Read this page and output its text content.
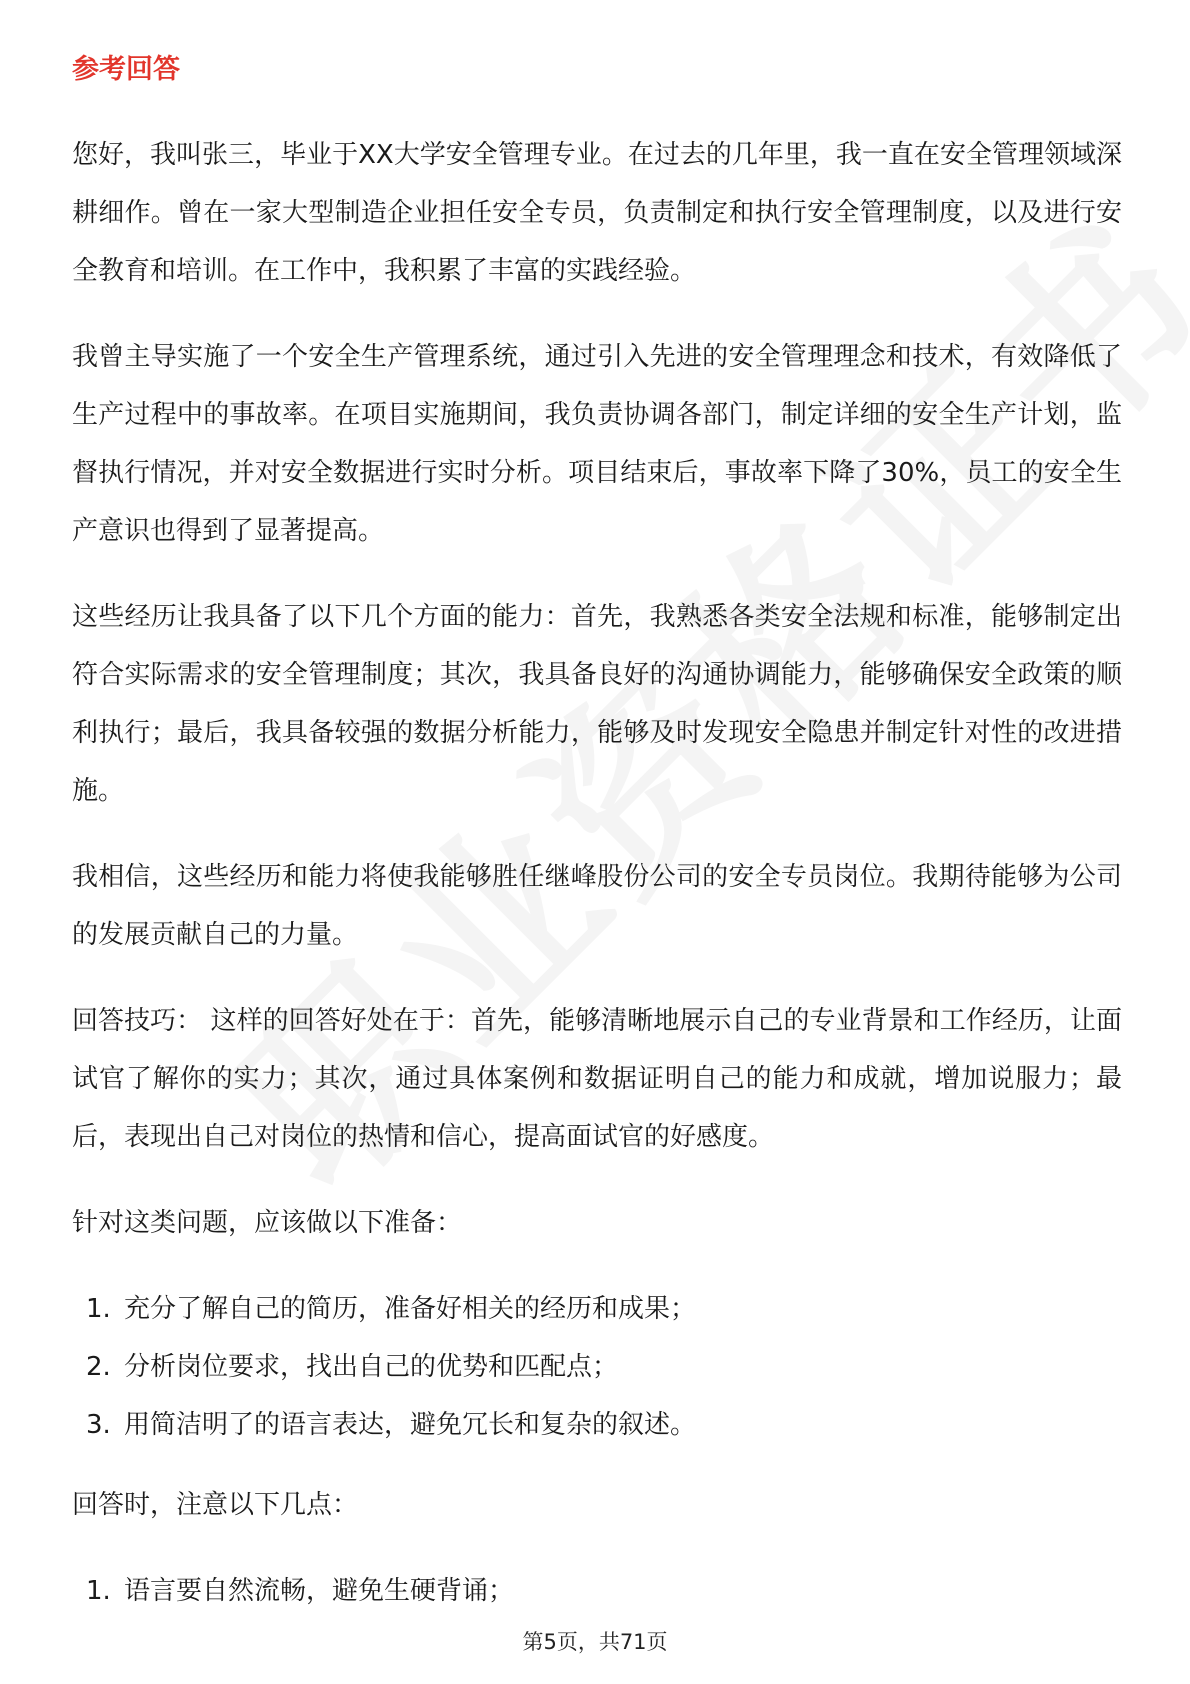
参考回答

您好，我叫张三，毕业于XX大学安全管理专业。在过去的几年里，我一直在安全管理领域深耕细作。曾在一家大型制造企业担任安全专员，负责制定和执行安全管理制度，以及进行安全教育和培训。在工作中，我积累了丰富的实践经验。

我曾主导实施了一个安全生产管理系统，通过引入先进的安全管理理念和技术，有效降低了生产过程中的事故率。在项目实施期间，我负责协调各部门，制定详细的安全生产计划，监督执行情况，并对安全数据进行实时分析。项目结束后，事故率下降了30%，员工的安全生产意识也得到了显著提高。

这些经历让我具备了以下几个方面的能力：首先，我熟悉各类安全法规和标准，能够制定出符合实际需求的安全管理制度；其次，我具备良好的沟通协调能力，能够确保安全政策的顺利执行；最后，我具备较强的数据分析能力，能够及时发现安全隐患并制定针对性的改进措施。

我相信，这些经历和能力将使我能够胜任继峰股份公司的安全专员岗位。我期待能够为公司的发展贡献自己的力量。

回答技巧： 这样的回答好处在于：首先，能够清晰地展示自己的专业背景和工作经历，让面试官了解你的实力；其次，通过具体案例和数据证明自己的能力和成就，增加说服力；最后，表现出自己对岗位的热情和信心，提高面试官的好感度。

针对这类问题，应该做以下准备：

1. 充分了解自己的简历，准备好相关的经历和成果；
2. 分析岗位要求，找出自己的优势和匹配点；
3. 用简洁明了的语言表达，避免冗长和复杂的叙述。

回答时，注意以下几点：

1. 语言要自然流畅，避免生硬背诵；
第5页，共71页
